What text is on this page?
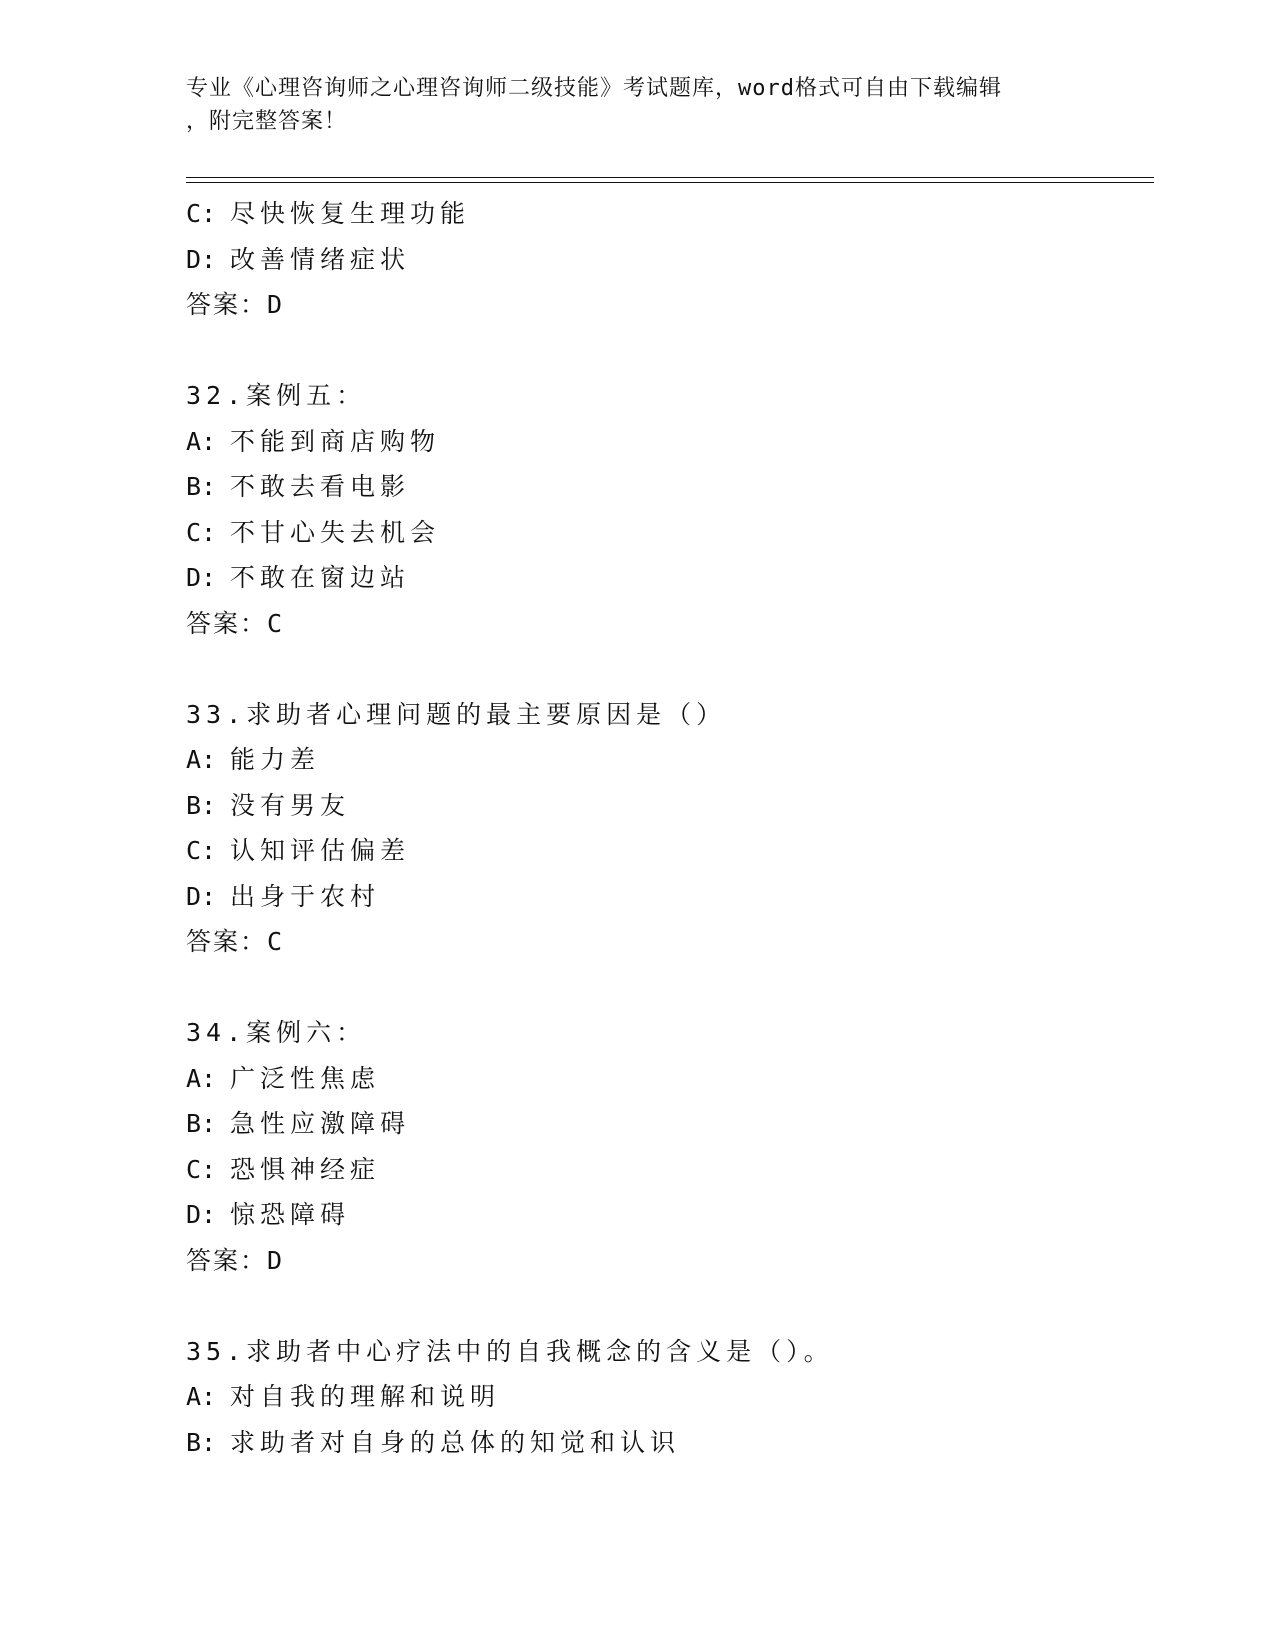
专业《心理咨询师之心理咨询师二级技能》考试题库，word格式可自由下载编辑
，附完整答案！
C: 尽快恢复生理功能
D: 改善情绪症状
答案：D
32.案例五：
A: 不能到商店购物
B: 不敢去看电影
C: 不甘心失去机会
D: 不敢在窗边站
答案：C
33.求助者心理问题的最主要原因是（）
A: 能力差
B: 没有男友
C: 认知评估偏差
D: 出身于农村
答案：C
34.案例六：
A: 广泛性焦虑
B: 急性应激障碍
C: 恐惧神经症
D: 惊恐障碍
答案：D
35.求助者中心疗法中的自我概念的含义是（）。
A: 对自我的理解和说明
B: 求助者对自身的总体的知觉和认识
